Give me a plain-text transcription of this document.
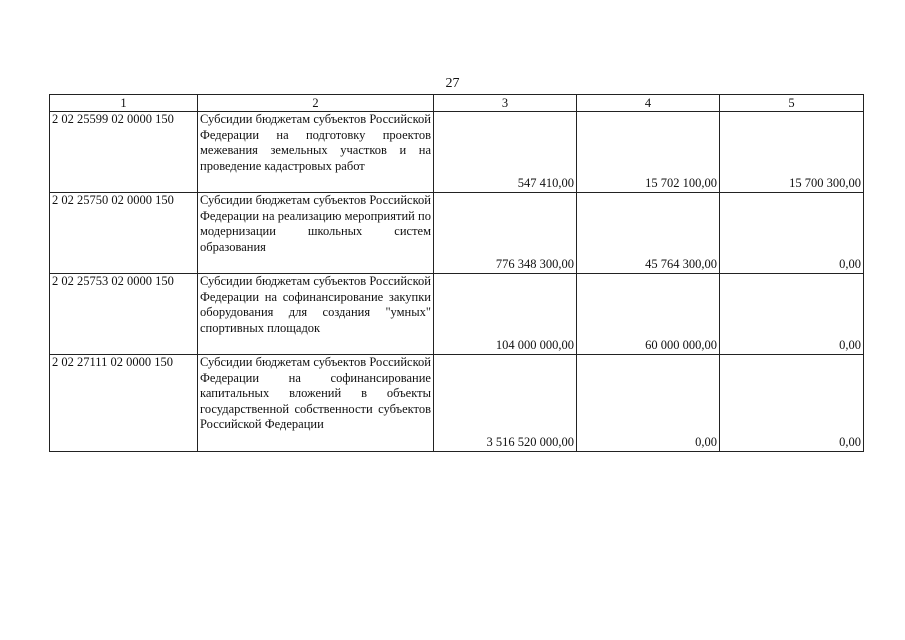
27
1	2	3	4	5
2 02 25599 02 0000 150	Субсидии бюджетам субъектов Российской Федерации на подготовку проектов межевания земельных участков и на проведение кадастровых работ	547 410,00	15 702 100,00	15 700 300,00
2 02 25750 02 0000 150	Субсидии бюджетам субъектов Российской Федерации на реализацию мероприятий по модернизации школьных систем образования	776 348 300,00	45 764 300,00	0,00
2 02 25753 02 0000 150	Субсидии бюджетам субъектов Российской Федерации на софинансирование закупки оборудования для создания "умных" спортивных площадок	104 000 000,00	60 000 000,00	0,00
2 02 27111 02 0000 150	Субсидии бюджетам субъектов Российской Федерации на софинансирование капитальных вложений в объекты государственной собственности субъектов Российской Федерации	3 516 520 000,00	0,00	0,00
